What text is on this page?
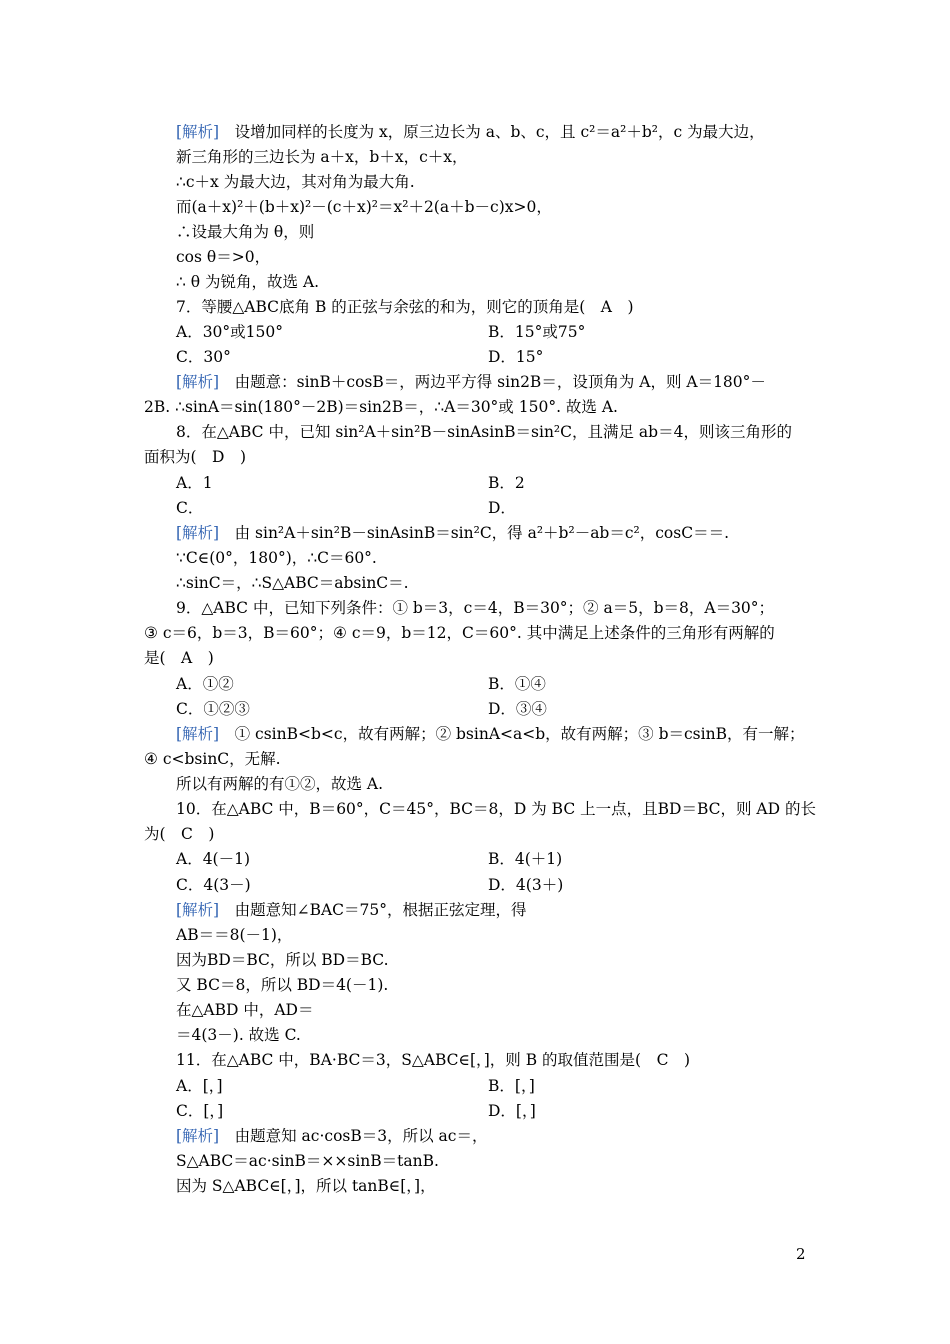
[解析]　设增加同样的长度为 x，原三边长为 a、b、c，且 c²＝a²＋b²，c 为最大边，
新三角形的三边长为 a＋x，b＋x，c＋x，
∴c＋x 为最大边，其对角为最大角.
而(a＋x)²＋(b＋x)²－(c＋x)²＝x²＋2(a＋b－c)x>0，
∴设最大角为 θ，则
cos θ＝>0，
∴ θ 为锐角，故选 A.
7．等腰△ABC底角 B 的正弦与余弦的和为，则它的顶角是(　A　)
A．30°或150°	B．15°或75°
C．30°	D．15°
[解析]　由题意：sinB＋cosB＝，两边平方得 sin2B＝，设顶角为 A，则 A＝180°－
2B. ∴sinA＝sin(180°－2B)＝sin2B＝，∴A＝30°或 150°. 故选 A.
8．在△ABC 中，已知 sin²A＋sin²B－sinAsinB＝sin²C，且满足 ab＝4，则该三角形的
面积为(　D　)
A．1	B．2
C．	D．
[解析]　由 sin²A＋sin²B－sinAsinB＝sin²C，得 a²＋b²－ab＝c²，cosC＝＝.
∵C∈(0°，180°)，∴C＝60°.
∴sinC＝，∴S△ABC＝absinC＝.
9．△ABC 中，已知下列条件：① b＝3，c＝4，B＝30°；② a＝5，b＝8，A＝30°；
③ c＝6，b＝3，B＝60°；④ c＝9，b＝12，C＝60°. 其中满足上述条件的三角形有两解的
是(　A　)
A．①②	B．①④
C．①②③	D．③④
[解析]　① csinB<b<c，故有两解；② bsinA<a<b，故有两解；③ b＝csinB，有一解；
④ c<bsinC，无解.
所以有两解的有①②，故选 A.
10．在△ABC 中，B＝60°，C＝45°，BC＝8，D 为 BC 上一点，且BD＝BC，则 AD 的长
为(　C　)
A．4(－1)	B．4(＋1)
C．4(3－)	D．4(3＋)
[解析]　由题意知∠BAC＝75°，根据正弦定理，得
AB＝＝8(－1)，
因为BD＝BC，所以 BD＝BC.
又 BC＝8，所以 BD＝4(－1).
在△ABD 中，AD＝
＝4(3－). 故选 C.
11．在△ABC 中，BA·BC＝3，S△ABC∈[，]，则 B 的取值范围是(　C　)
A．[，]	B．[，]
C．[，]	D．[，]
[解析]　由题意知 ac·cosB＝3，所以 ac＝，
S△ABC＝ac·sinB＝××sinB＝tanB.
因为 S△ABC∈[，]，所以 tanB∈[，]，
2
